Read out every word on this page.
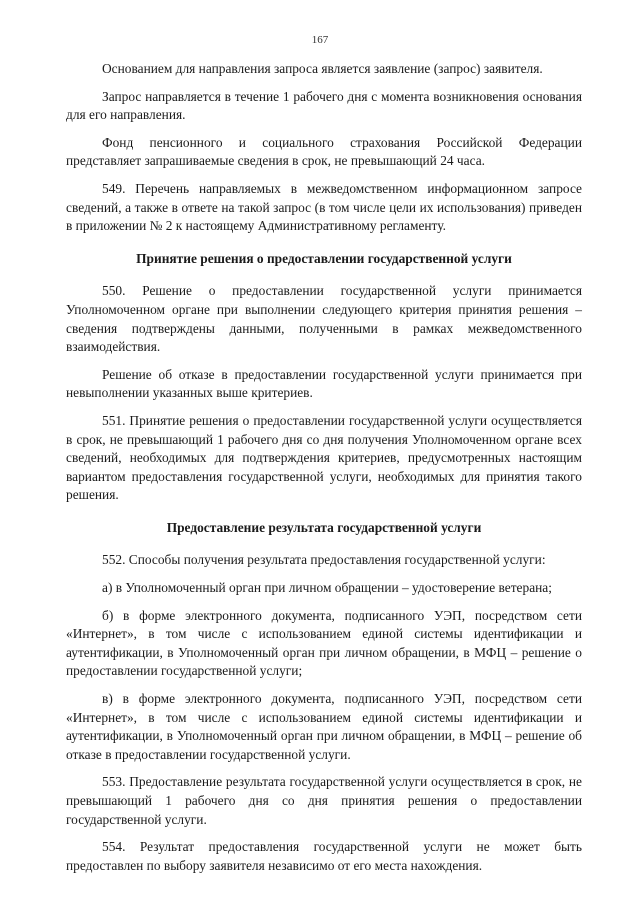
167

Основанием для направления запроса является заявление (запрос) заявителя.

Запрос направляется в течение 1 рабочего дня с момента возникновения основания для его направления.

Фонд пенсионного и социального страхования Российской Федерации представляет запрашиваемые сведения в срок, не превышающий 24 часа.

549. Перечень направляемых в межведомственном информационном запросе сведений, а также в ответе на такой запрос (в том числе цели их использования) приведен в приложении № 2 к настоящему Административному регламенту.

Принятие решения о предоставлении государственной услуги

550. Решение о предоставлении государственной услуги принимается Уполномоченном органе при выполнении следующего критерия принятия решения – сведения подтверждены данными, полученными в рамках межведомственного взаимодействия.

Решение об отказе в предоставлении государственной услуги принимается при невыполнении указанных выше критериев.

551. Принятие решения о предоставлении государственной услуги осуществляется в срок, не превышающий 1 рабочего дня со дня получения Уполномоченном органе всех сведений, необходимых для подтверждения критериев, предусмотренных настоящим вариантом предоставления государственной услуги, необходимых для принятия такого решения.

Предоставление результата государственной услуги

552. Способы получения результата предоставления государственной услуги:

а) в Уполномоченный орган при личном обращении – удостоверение ветерана;

б) в форме электронного документа, подписанного УЭП, посредством сети «Интернет», в том числе с использованием единой системы идентификации и аутентификации, в Уполномоченный орган при личном обращении, в МФЦ – решение о предоставлении государственной услуги;

в) в форме электронного документа, подписанного УЭП, посредством сети «Интернет», в том числе с использованием единой системы идентификации и аутентификации, в Уполномоченный орган при личном обращении, в МФЦ – решение об отказе в предоставлении государственной услуги.

553. Предоставление результата государственной услуги осуществляется в срок, не превышающий 1 рабочего дня со дня принятия решения о предоставлении государственной услуги.

554. Результат предоставления государственной услуги не может быть предоставлен по выбору заявителя независимо от его места нахождения.
